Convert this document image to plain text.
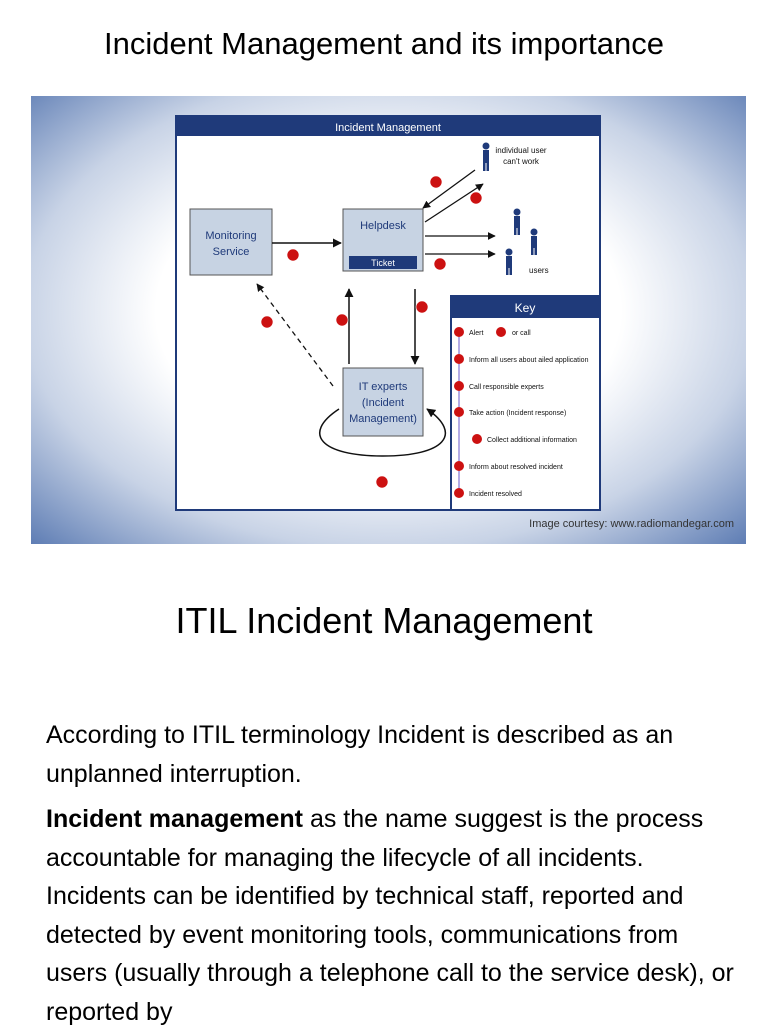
Incident Management and its importance
Incident Management
Monitoring
Service
Helpdesk
Ticket
IT experts
(Incident
Management)
individual user
can't work
users
Key
Alert	or call
Inform all users about ailed application
Call responsible experts
Take action (Incident response)
Collect additional information
Inform about resolved incident
Incident resolved
Image courtesy: www.radiomandegar.com
ITIL Incident Management
According to ITIL terminology Incident is described as an unplanned interruption.
Incident management as the name suggest is the process accountable for managing the lifecycle of all incidents. Incidents can be identified by technical staff, reported and detected by event monitoring tools, communications from users (usually through a telephone call to the service desk), or reported by
